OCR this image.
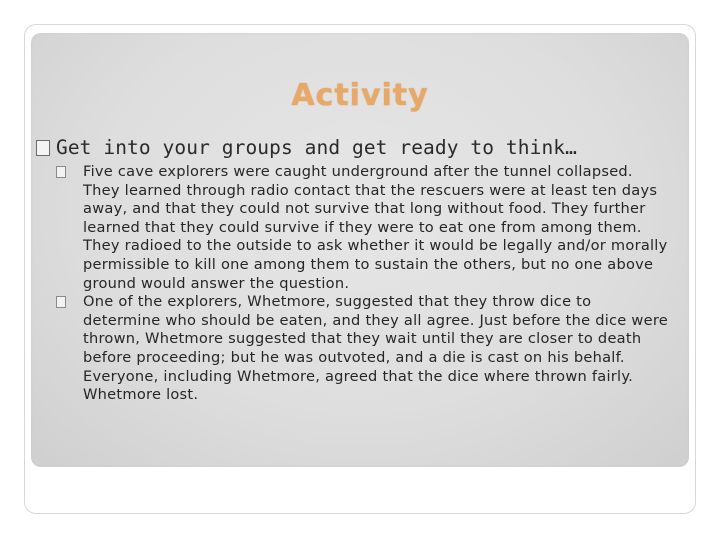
Activity
Get into your groups and get ready to think…
Five cave explorers were caught underground after the tunnel collapsed. They learned through radio contact that the rescuers were at least ten days away, and that they could not survive that long without food. They further learned that they could survive if they were to eat one from among them. They radioed to the outside to ask whether it would be legally and/or morally permissible to kill one among them to sustain the others, but no one above ground would answer the question.
One of the explorers, Whetmore, suggested that they throw dice to determine who should be eaten, and they all agree. Just before the dice were thrown, Whetmore suggested that they wait until they are closer to death before proceeding; but he was outvoted, and a die is cast on his behalf. Everyone, including Whetmore, agreed that the dice where thrown fairly. Whetmore lost.
